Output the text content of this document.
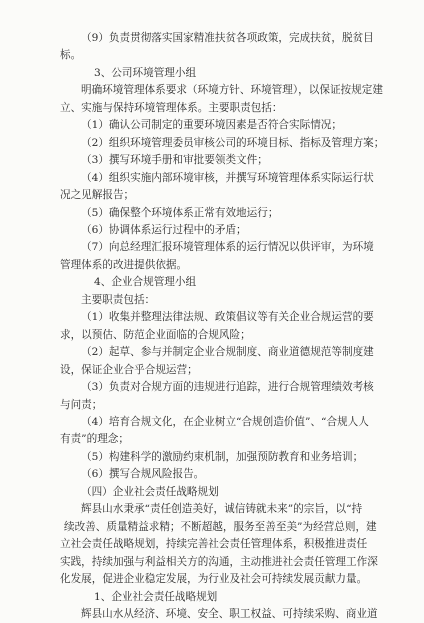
（9）负责贯彻落实国家精准扶贫各项政策，完成扶贫，脱贫目
标。
3、公司环境管理小组
明确环境管理体系要求（环境方针、环境管理），以保证按规定建
立、实施与保持环境管理体系。主要职责包括：
（1）确认公司制定的重要环境因素是否符合实际情况；
（2）组织环境管理委员审核公司的环境目标、指标及管理方案；
（3）撰写环境手册和审批要领类文件；
（4）组织实施内部环境审核，并撰写环境管理体系实际运行状
况之见解报告；
（5）确保整个环境体系正常有效地运行；
（6）协调体系运行过程中的矛盾；
（7）向总经理汇报环境管理体系的运行情况以供评审，为环境
管理体系的改进提供依据。
4、企业合规管理小组
主要职责包括：
（1）收集并整理法律法规、政策倡议等有关企业合规运营的要
求，以预估、防范企业面临的合规风险；
（2）起草、参与并制定企业合规制度、商业道德规范等制度建
设，保证企业合乎合规运营；
（3）负责对合规方面的违规进行追踪，进行合规管理绩效考核
与问责；
（4）培育合规文化，在企业树立“合规创造价值”、“合规人人
有责”的理念；
（5）构建科学的激励约束机制，加强预防教育和业务培训；
（6）撰写合规风险报告。
（四）企业社会责任战略规划
辉县山水秉承“责任创造美好，诚信铸就未来”的宗旨，以“持
续改善、质量精益求精；不断超越，服务至善至美”为经营总则，建
立社会责任战略规划，持续完善社会责任管理体系，积极推进责任
实践，持续加强与利益相关方的沟通，主动推进社会责任管理工作深
化发展，促进企业稳定发展，为行业及社会可持续发展贡献力量。
1、企业社会责任战略规划
辉县山水从经济、环境、安全、职工权益、可持续采购、商业道
